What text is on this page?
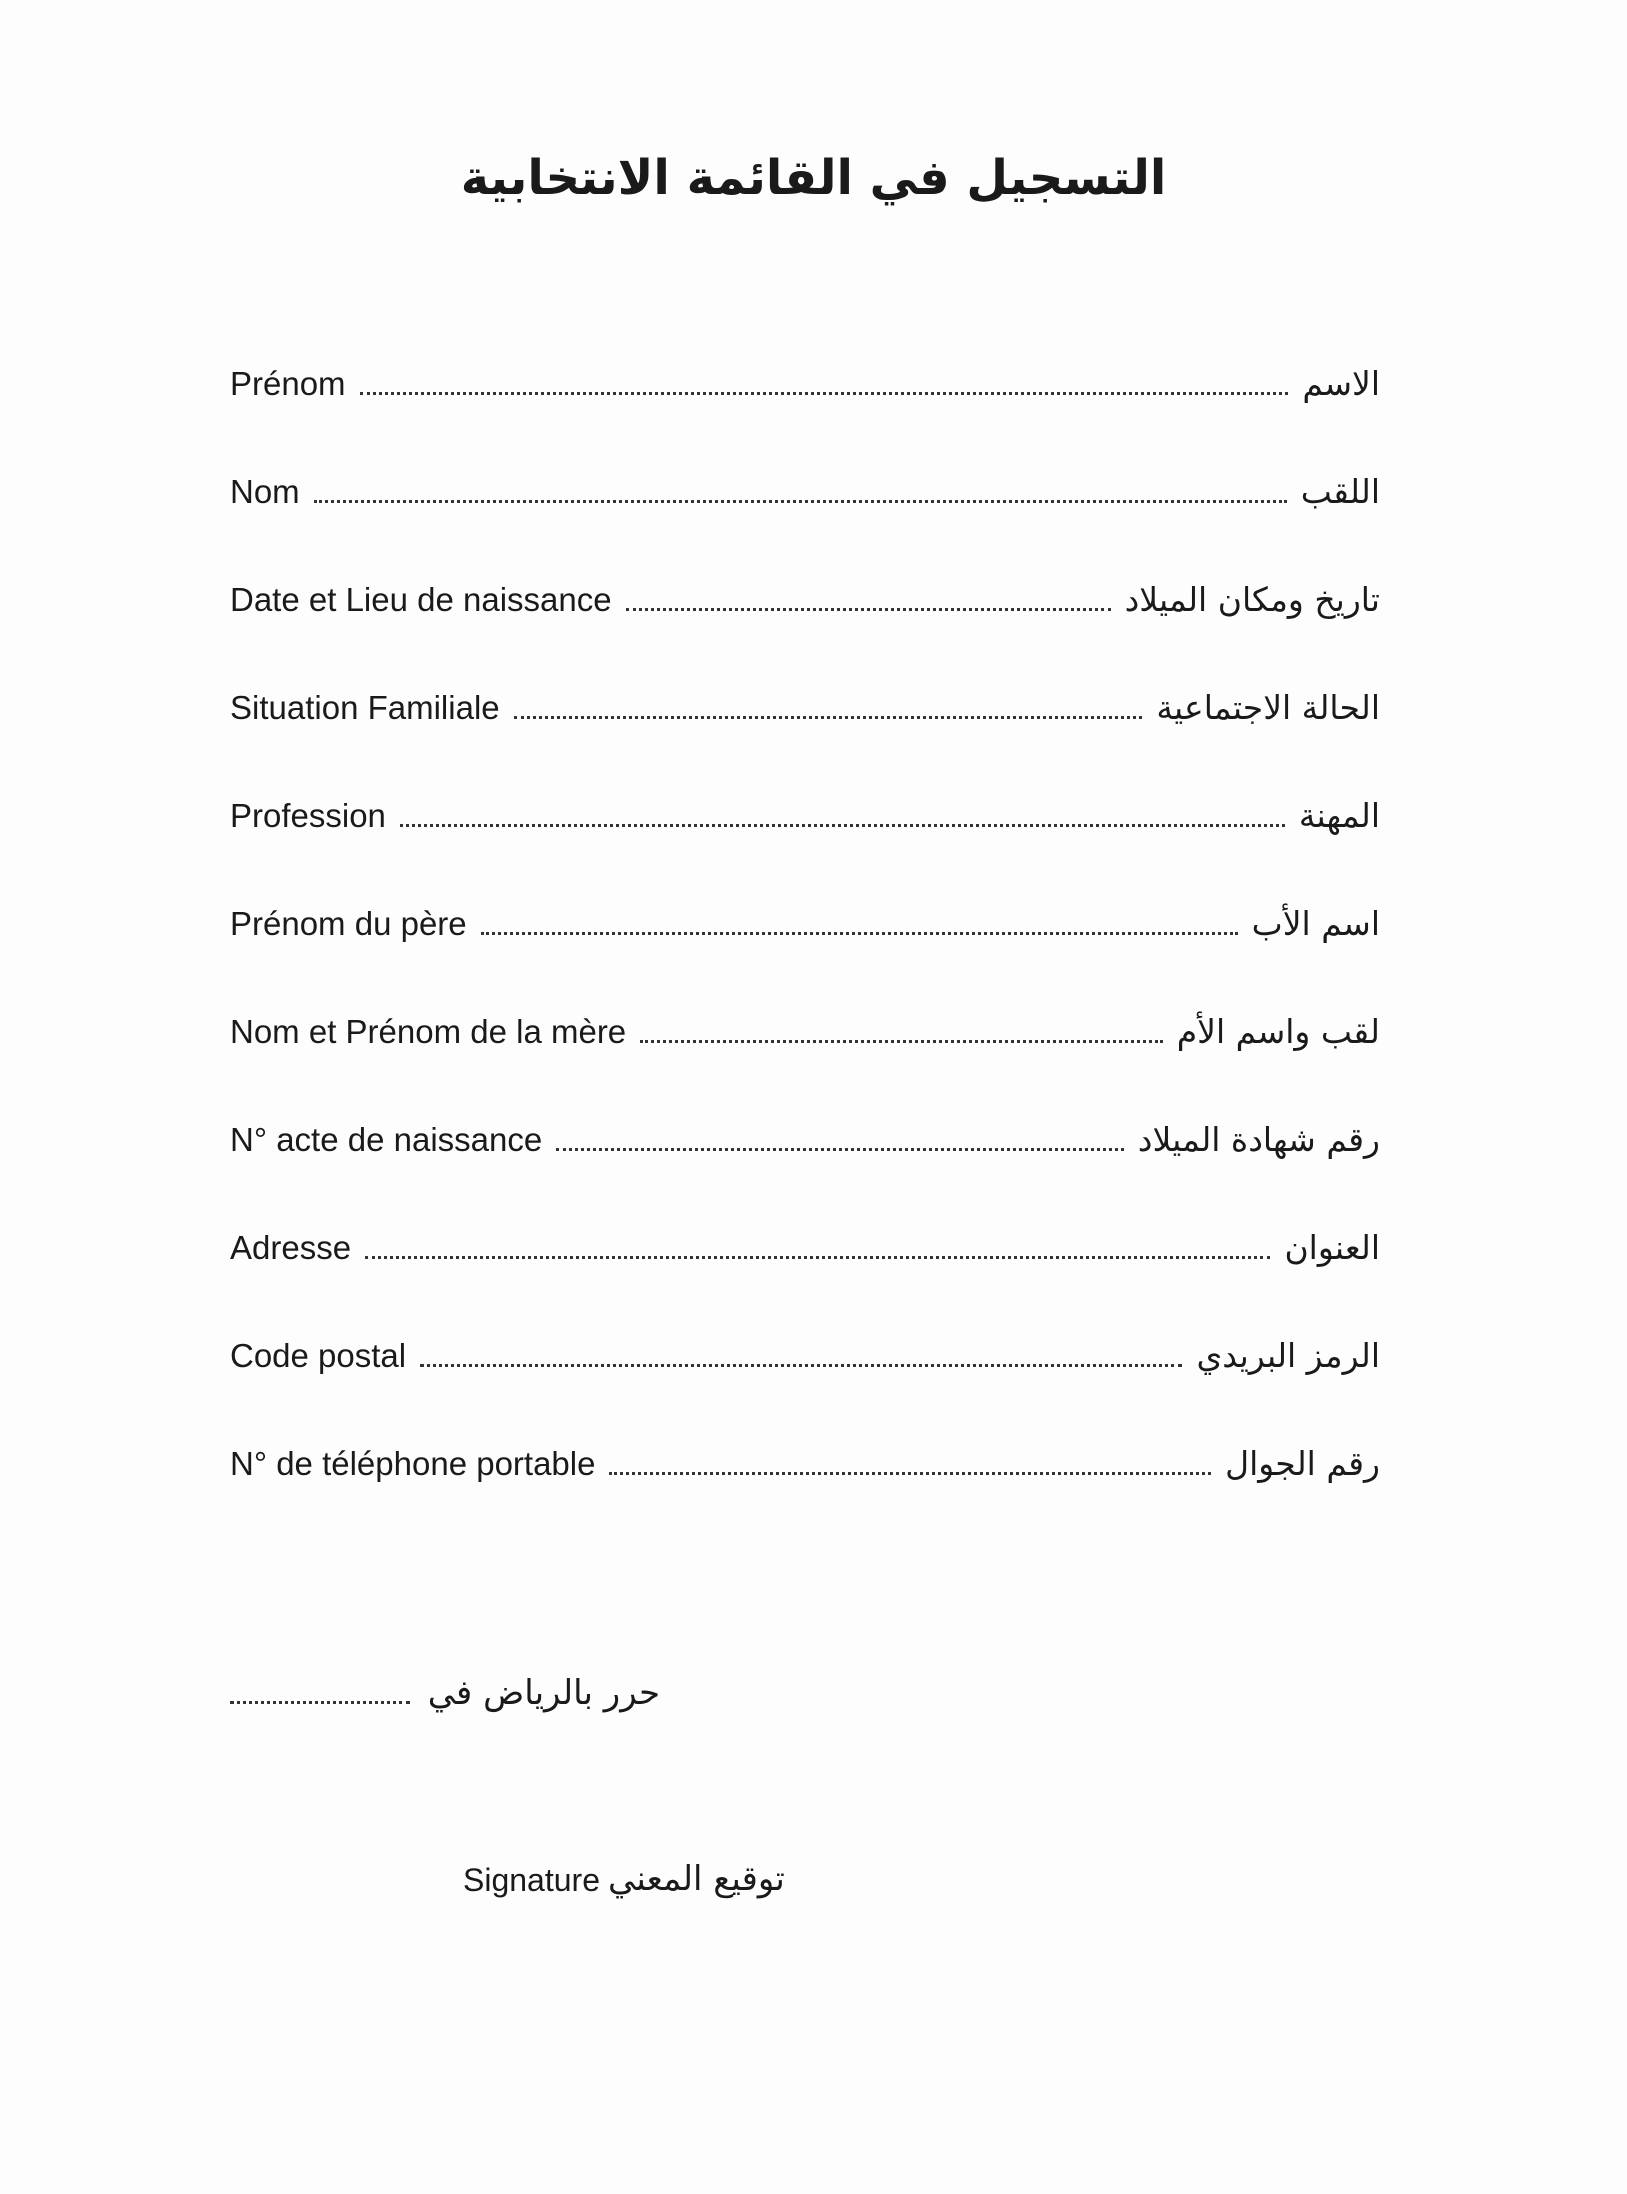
التسجيل في القائمة الانتخابية
Prénom	الاسم
Nom	اللقب
Date et Lieu de naissance	تاريخ ومكان الميلاد
Situation Familiale	الحالة الاجتماعية
Profession	المهنة
Prénom du père	اسم الأب
Nom et Prénom de la mère	لقب واسم الأم
N° acte de naissance	رقم شهادة الميلاد
Adresse	العنوان
Code postal	الرمز البريدي
N° de téléphone portable	رقم الجوال
حرر بالرياض في
Signature توقيع المعني
